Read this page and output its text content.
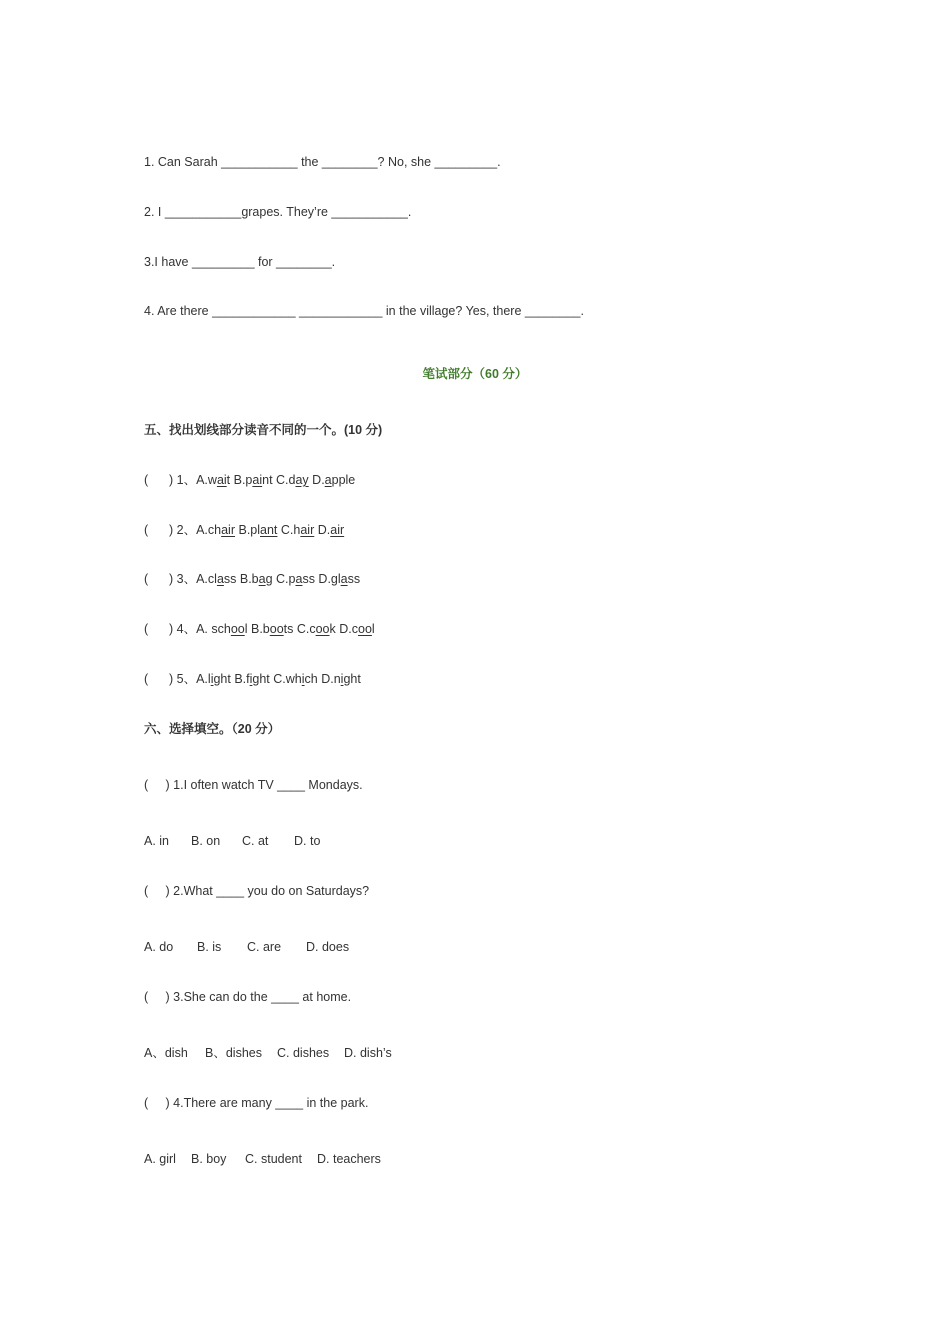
1. Can Sarah ___________ the ________? No, she _________.
2. I ___________grapes. They’re ___________.
3.I have _________ for ________.
4. Are there ____________ ____________ in the village? Yes, there ________.
笔试部分（60 分）
五、找出划线部分读音不同的一个。(10 分)
(      ) 1、A.wait B.paint C.day D.apple
(      ) 2、A.chair B.plant C.hair D.air
(      ) 3、A.class B.bag C.pass D.glass
(      ) 4、A. school B.boots C.cook D.cool
(      ) 5、A.light B.fight C.which D.night
六、选择填空。（20 分）
(     ) 1.I often watch TV ____ Mondays.
A. in B. on C. at D. to
(     ) 2.What ____ you do on Saturdays?
A. do B. is C. are D. does
(     ) 3.She can do the ____ at home.
A、dish B、dishes C. dishes D. dish’s
(     ) 4.There are many ____ in the park.
A. girl B. boy C. student D. teachers
